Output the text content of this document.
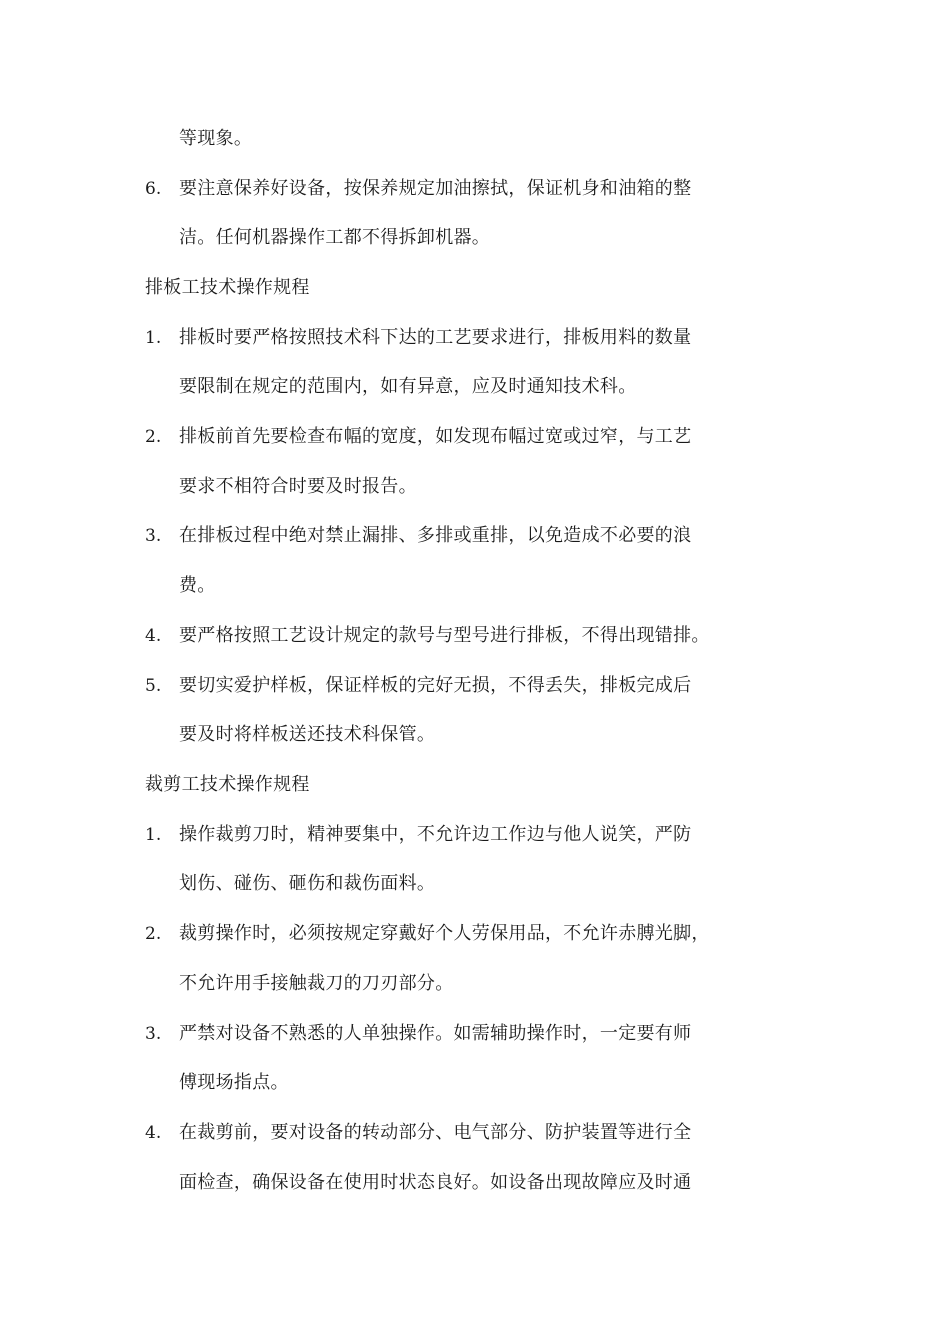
等现象。
6. 要注意保养好设备，按保养规定加油擦拭，保证机身和油箱的整
洁。任何机器操作工都不得拆卸机器。
排板工技术操作规程
1. 排板时要严格按照技术科下达的工艺要求进行，排板用料的数量
要限制在规定的范围内，如有异意，应及时通知技术科。
2. 排板前首先要检查布幅的宽度，如发现布幅过宽或过窄，与工艺
要求不相符合时要及时报告。
3. 在排板过程中绝对禁止漏排、多排或重排，以免造成不必要的浪
费。
4. 要严格按照工艺设计规定的款号与型号进行排板，不得出现错排。
5. 要切实爱护样板，保证样板的完好无损，不得丢失，排板完成后
要及时将样板送还技术科保管。
裁剪工技术操作规程
1. 操作裁剪刀时，精神要集中，不允许边工作边与他人说笑，严防
划伤、碰伤、砸伤和裁伤面料。
2. 裁剪操作时，必须按规定穿戴好个人劳保用品，不允许赤膊光脚，
不允许用手接触裁刀的刀刃部分。
3. 严禁对设备不熟悉的人单独操作。如需辅助操作时，一定要有师
傅现场指点。
4. 在裁剪前，要对设备的转动部分、电气部分、防护装置等进行全
面检查，确保设备在使用时状态良好。如设备出现故障应及时通
